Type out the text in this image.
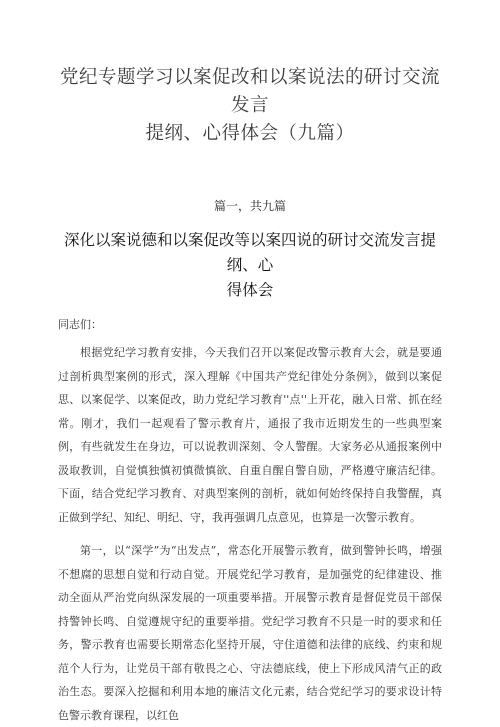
党纪专题学习以案促改和以案说法的研讨交流发言
提纲、心得体会（九篇）
篇一，共九篇
深化以案说德和以案促改等以案四说的研讨交流发言提纲、心
得体会
同志们：

根据党纪学习教育安排，今天我们召开以案促改警示教育大会，就是要通过剖析典型案例的形式，深入理解《中国共产党纪律处分条例》，做到以案促思、以案促学、以案促改，助力党纪学习教育''点''上开花，融入日常、抓在经常。刚才，我们一起观看了警示教育片，通报了我市近期发生的一些典型案例，有些就发生在身边，可以说教训深刻、令人警醒。大家务必从通报案例中汲取教训，自觉慎独慎初慎微慎欲、自重自醒自警自励，严格遵守廉洁纪律。下面，结合党纪学习教育、对典型案例的剖析，就如何始终保持自我警醒，真正做到学纪、知纪、明纪、守，我再强调几点意见，也算是一次警示教育。

第一，以“深学”为“出发点”，常态化开展警示教育，做到警钟长鸣，增强不想腐的思想自觉和行动自觉。开展党纪学习教育，是加强党的纪律建设、推动全面从严治党向纵深发展的一项重要举措。开展警示教育是督促党员干部保持警钟长鸣、自觉遵规守纪的重要举措。党纪学习教育不只是一时的要求和任务，警示教育也需要长期常态化坚持开展，守住道德和法律的底线、约束和规范个人行为，让党员干部有敬畏之心、守法德底线，使上下形成风清气正的政治生态。要深入挖掘和利用本地的廉洁文化元素，结合党纪学习的要求设计特色警示教育课程，以红色
